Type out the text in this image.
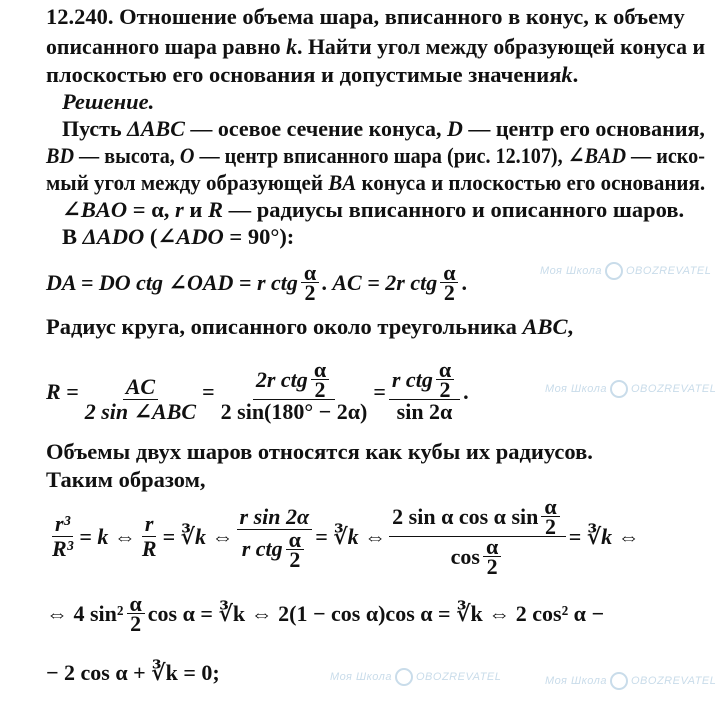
Моя Школа OBOZREVATEL
Моя Школа OBOZREVATEL
Моя Школа OBOZREVATEL	Моя Школа OBOZREVATEL
12.240. Отношение объема шара, вписанного в конус, к объему
описанного шара равно k. Найти угол между образующей конуса и
плоскостью его основания и допустимые значенияk.
Решение.
Пусть ΔABC — осевое сечение конуса, D — центр его основания,
BD — высота, O — центр вписанного шара (рис. 12.107), ∠BAD — иско-
мый угол между образующей BA конуса и плоскостью его основания.
∠BAO = α, r и R — радиусы вписанного и описанного шаров.
В ΔADO (∠ADO = 90°):
DA = DO ctg ∠OAD = r ctg $\frac{\alpha}{2}$ . AC = 2r ctg $\frac{\alpha}{2}$ .
Радиус круга, описанного около треугольника ABC,
$R = \frac{AC}{\text{2 sin ∠ABC}} = \frac{2r ctg \frac{\alpha}{2}}{2 \sin(180^\circ - 2\alpha)} = \frac{r ctg \frac{\alpha}{2}}{\sin 2\alpha}$ .
Объемы двух шаров относятся как кубы их радиусов.
Таким образом,
$\frac{\text{r³}}{\text{R³}} = k$ ⇔ $\frac{r}{R}$ = ∛k ⇔ $\frac{\text{r sin 2α}}{r ctg \frac{\alpha}{2}}$ = ∛k ⇔ $\frac{2 \sin \alpha \cos \alpha \sin \frac{\alpha}{2}}{\cos \frac{\alpha}{2}}$ = ∛k ⇔
⇔ 4 $\sin^2 \frac{\alpha}{2}$ cos α = ∛k ⇔ 2(1 − cos α)cos α = ∛k ⇔ 2 cos² α −
− 2 cos α + ∛k = 0;
